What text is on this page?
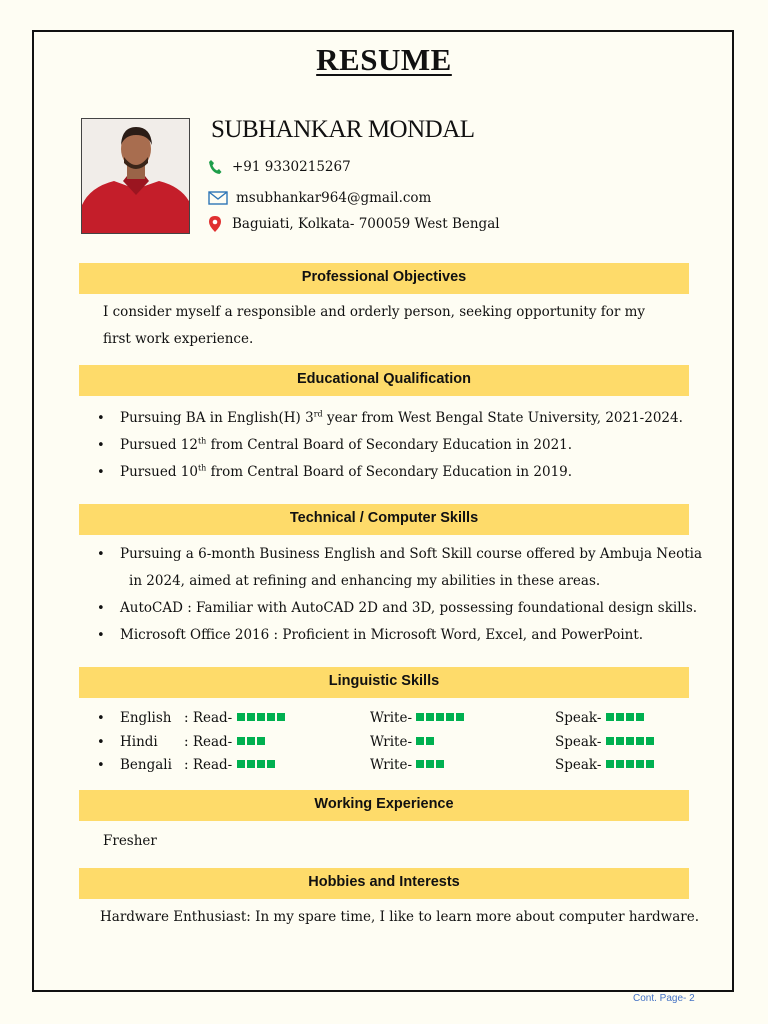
RESUME
SUBHANKAR MONDAL
+91 9330215267
msubhankar964@gmail.com
Baguiati, Kolkata- 700059 West Bengal
Professional Objectives
I consider myself a responsible and orderly person, seeking opportunity for my first work experience.
Educational Qualification
• Pursuing BA in English(H) 3rd year from West Bengal State University, 2021-2024.
• Pursued 12th from Central Board of Secondary Education in 2021.
• Pursued 10th from Central Board of Secondary Education in 2019.
Technical / Computer Skills
• Pursuing a 6-month Business English and Soft Skill course offered by Ambuja Neotia
in 2024, aimed at refining and enhancing my abilities in these areas.
• AutoCAD : Familiar with AutoCAD 2D and 3D, possessing foundational design skills.
• Microsoft Office 2016 : Proficient in Microsoft Word, Excel, and PowerPoint.
Linguistic Skills
• English : Read-	Write-	Speak-
• Hindi : Read-	Write-	Speak-
• Bengali : Read-	Write-	Speak-
Working Experience
Fresher
Hobbies and Interests
Hardware Enthusiast: In my spare time, I like to learn more about computer hardware.
Cont. Page- 2
